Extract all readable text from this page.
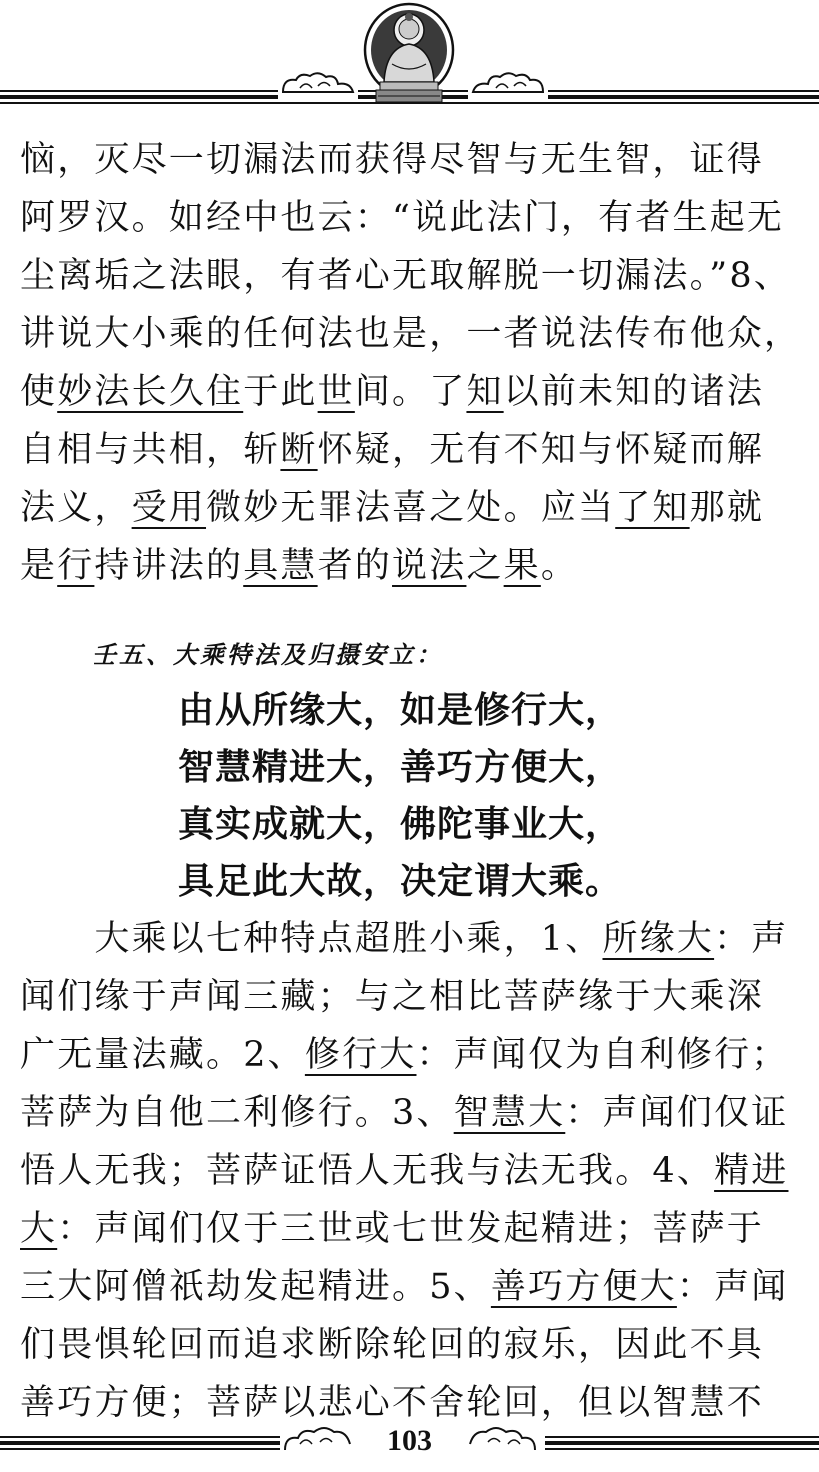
恼，灭尽一切漏法而获得尽智与无生智，证得
阿罗汉。如经中也云：“说此法门，有者生起无
尘离垢之法眼，有者心无取解脱一切漏法。”8、
讲说大小乘的任何法也是，一者说法传布他众，
使妙法长久住于此世间。了知以前未知的诸法
自相与共相，斩断怀疑，无有不知与怀疑而解
法义，受用微妙无罪法喜之处。应当了知那就
是行持讲法的具慧者的说法之果。
壬五、大乘特法及归摄安立：
由从所缘大，如是修行大，
智慧精进大，善巧方便大，
真实成就大，佛陀事业大，
具足此大故，决定谓大乘。
　　大乘以七种特点超胜小乘，1、所缘大：声
闻们缘于声闻三藏；与之相比菩萨缘于大乘深
广无量法藏。2、修行大：声闻仅为自利修行；
菩萨为自他二利修行。3、智慧大：声闻们仅证
悟人无我；菩萨证悟人无我与法无我。4、精进
大：声闻们仅于三世或七世发起精进；菩萨于
三大阿僧祇劫发起精进。5、善巧方便大：声闻
们畏惧轮回而追求断除轮回的寂乐，因此不具
善巧方便；菩萨以悲心不舍轮回，但以智慧不
103
